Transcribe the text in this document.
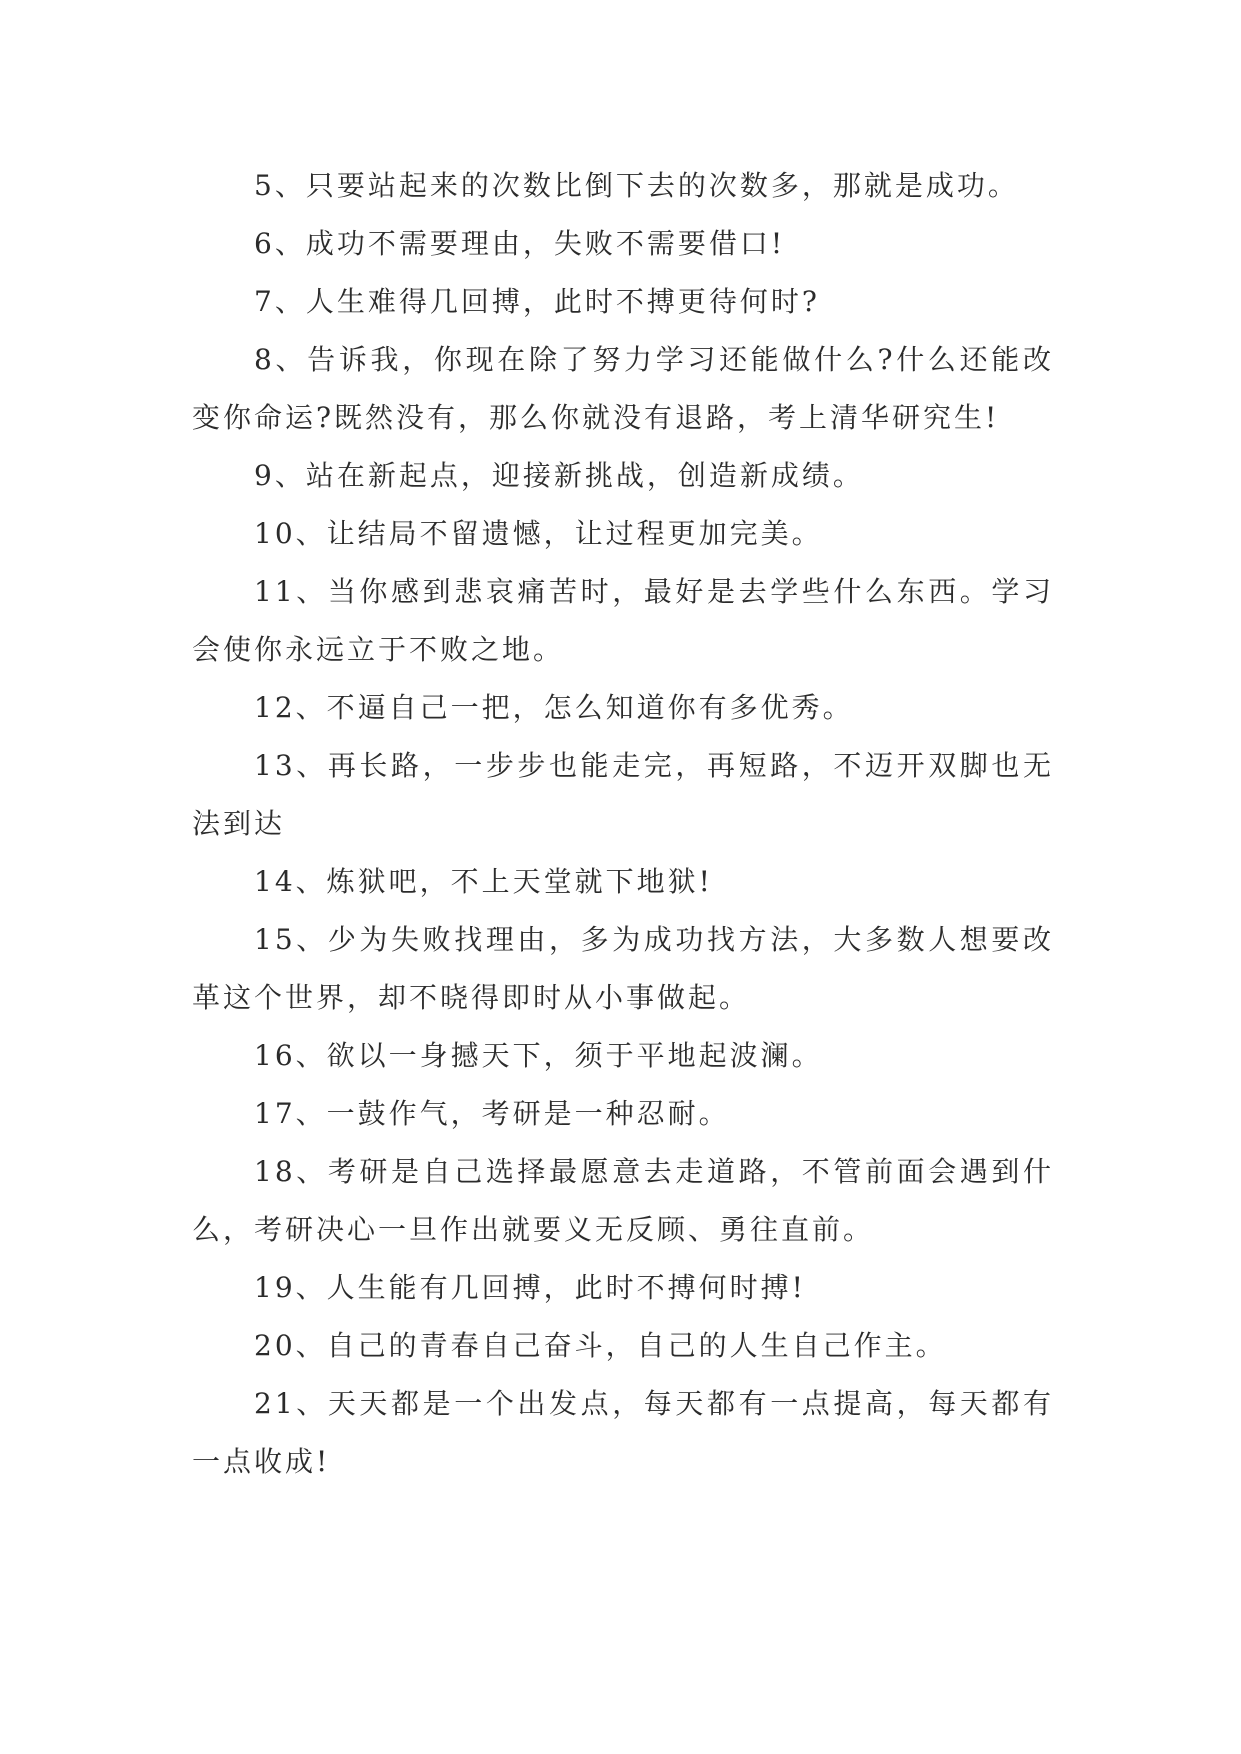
5、只要站起来的次数比倒下去的次数多，那就是成功。

6、成功不需要理由，失败不需要借口!

7、人生难得几回搏，此时不搏更待何时?

8、告诉我，你现在除了努力学习还能做什么?什么还能改变你命运?既然没有，那么你就没有退路，考上清华研究生!

9、站在新起点，迎接新挑战，创造新成绩。

10、让结局不留遗憾，让过程更加完美。

11、当你感到悲哀痛苦时，最好是去学些什么东西。学习会使你永远立于不败之地。

12、不逼自己一把，怎么知道你有多优秀。

13、再长路，一步步也能走完，再短路，不迈开双脚也无法到达

14、炼狱吧，不上天堂就下地狱!

15、少为失败找理由，多为成功找方法，大多数人想要改革这个世界，却不晓得即时从小事做起。

16、欲以一身撼天下，须于平地起波澜。

17、一鼓作气，考研是一种忍耐。

18、考研是自己选择最愿意去走道路，不管前面会遇到什么，考研决心一旦作出就要义无反顾、勇往直前。

19、人生能有几回搏，此时不搏何时搏!

20、自己的青春自己奋斗，自己的人生自己作主。

21、天天都是一个出发点，每天都有一点提高，每天都有一点收成!
